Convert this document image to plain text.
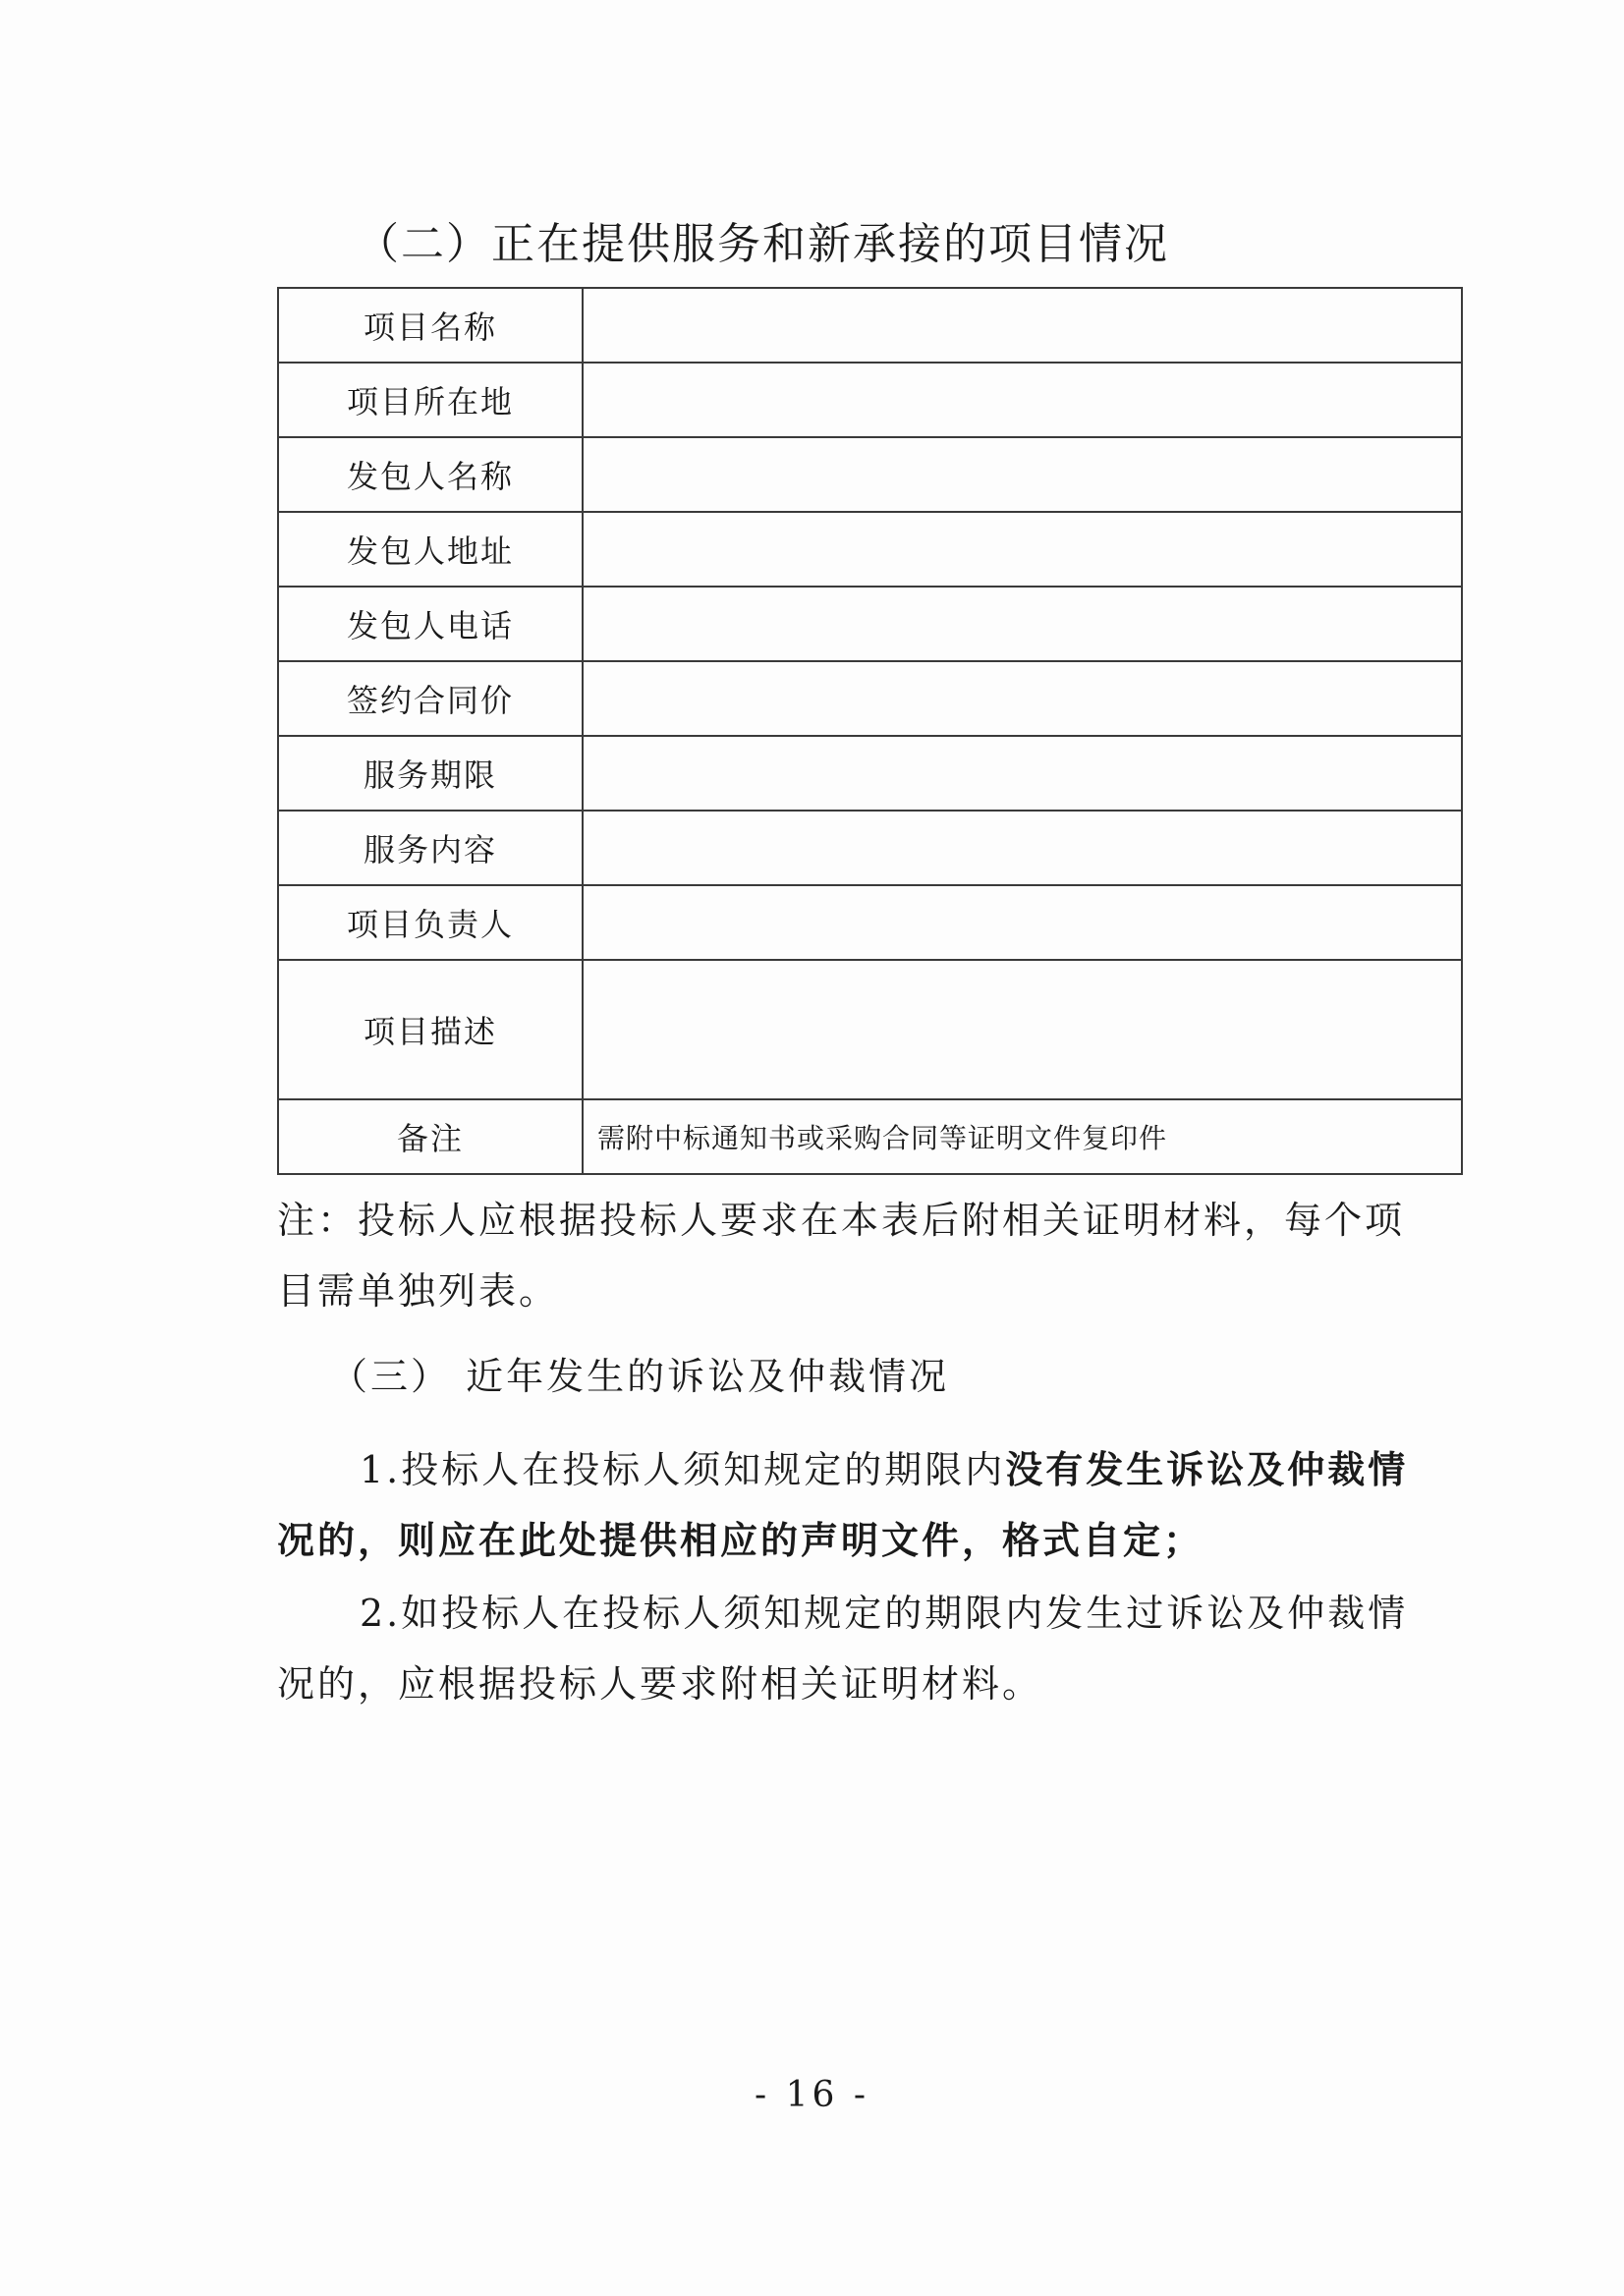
（二）正在提供服务和新承接的项目情况
项目名称	
项目所在地	
发包人名称	
发包人地址	
发包人电话	
签约合同价	
服务期限	
服务内容	
项目负责人	
项目描述	
备注	需附中标通知书或采购合同等证明文件复印件
注：投标人应根据投标人要求在本表后附相关证明材料，每个项目需单独列表。
（三） 近年发生的诉讼及仲裁情况
1.投标人在投标人须知规定的期限内没有发生诉讼及仲裁情况的，则应在此处提供相应的声明文件，格式自定；
2.如投标人在投标人须知规定的期限内发生过诉讼及仲裁情况的，应根据投标人要求附相关证明材料。
- 16 -
